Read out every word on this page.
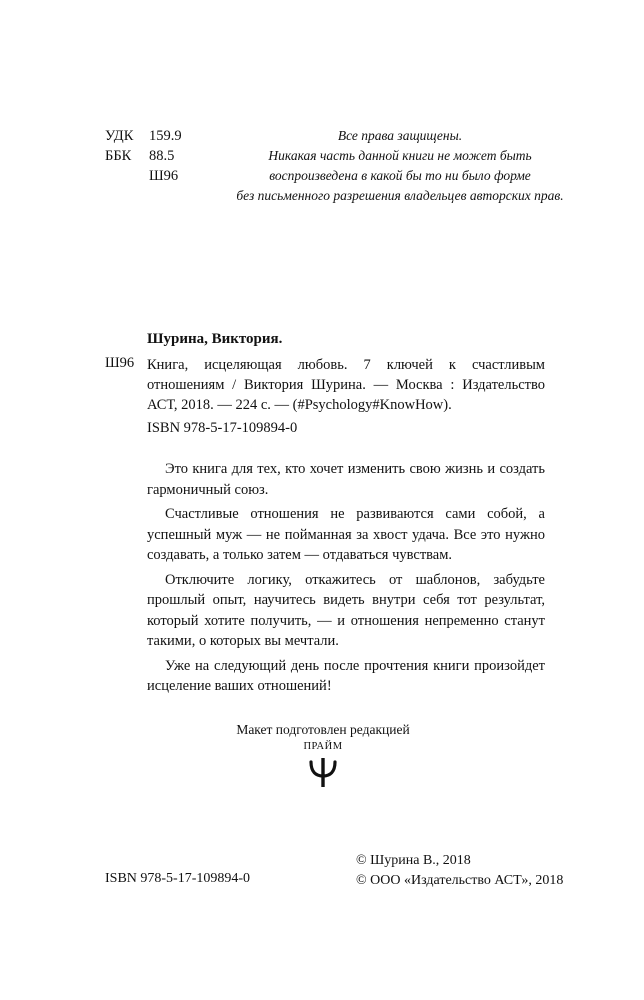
УДК	159.9
ББК	88.5
Ш96
Все права защищены.
Никакая часть данной книги не может быть
воспроизведена в какой бы то ни было форме
без письменного разрешения владельцев авторских прав.
Шурина, Виктория.
Ш96 Книга, исцеляющая любовь. 7 ключей к счастливым отношениям / Виктория Шурина. — Москва : Издательство АСТ, 2018. — 224 с. — (#Psychology#KnowHow).
ISBN 978-5-17-109894-0

Это книга для тех, кто хочет изменить свою жизнь и создать гармоничный союз.

Счастливые отношения не развиваются сами собой, а успешный муж — не пойманная за хвост удача. Все это нужно создавать, а только затем — отдаваться чувствам.

Отключите логику, откажитесь от шаблонов, забудьте прошлый опыт, научитесь видеть внутри себя тот результат, который хотите получить, — и отношения непременно станут такими, о которых вы мечтали.

Уже на следующий день после прочтения книги произойдет исцеление ваших отношений!

Макет подготовлен редакцией
ПРАЙМ
ISBN 978-5-17-109894-0
© Шурина В., 2018
© ООО «Издательство АСТ», 2018
